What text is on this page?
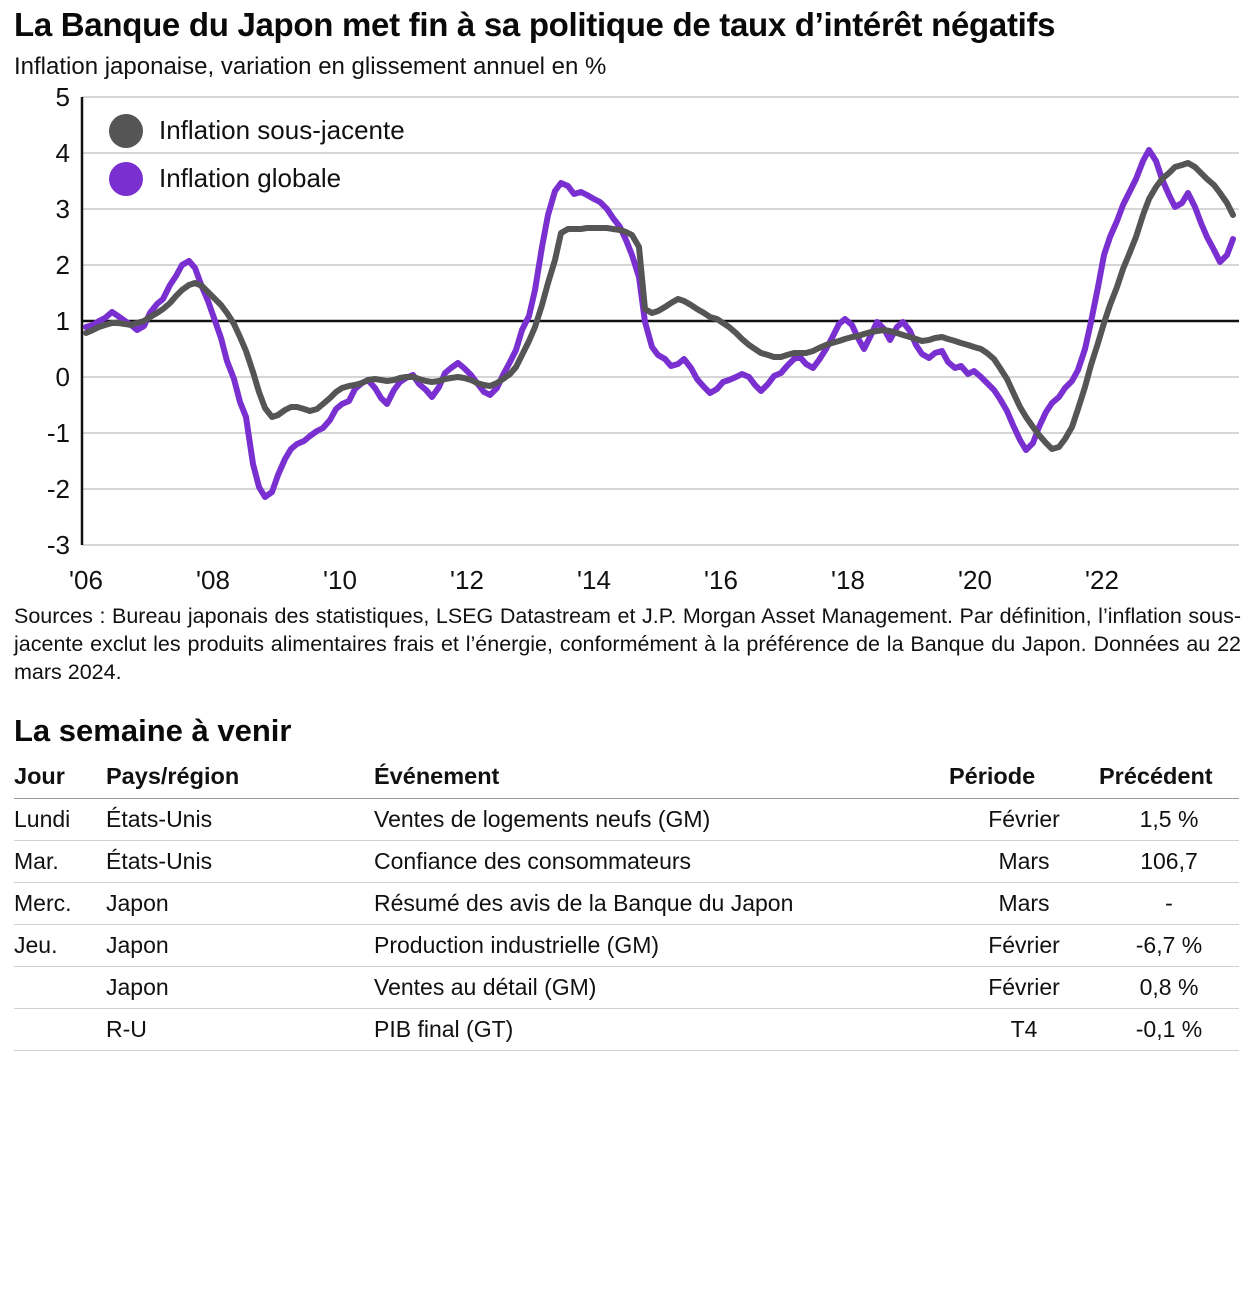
La Banque du Japon met fin à sa politique de taux d’intérêt négatifs
Inflation japonaise, variation en glissement annuel en %
5
4
3
2
1
0
-1
-2
-3
'06	'08	'10	'12	'14	'16	'18	'20	'22
Inflation sous-jacente
Inflation globale
Sources : Bureau japonais des statistiques, LSEG Datastream et J.P. Morgan Asset Management. Par définition, l’inflation sous-jacente exclut les produits alimentaires frais et l’énergie, conformément à la préférence de la Banque du Japon. Données au 22 mars 2024.
La semaine à venir
Jour	Pays/région	Événement	Période	Précédent
Lundi	États-Unis	Ventes de logements neufs (GM)	Février	1,5 %
Mar.	États-Unis	Confiance des consommateurs	Mars	106,7
Merc.	Japon	Résumé des avis de la Banque du Japon	Mars	-
Jeu.	Japon	Production industrielle (GM)	Février	-6,7 %
	Japon	Ventes au détail (GM)	Février	0,8 %
	R-U	PIB final (GT)	T4	-0,1 %
